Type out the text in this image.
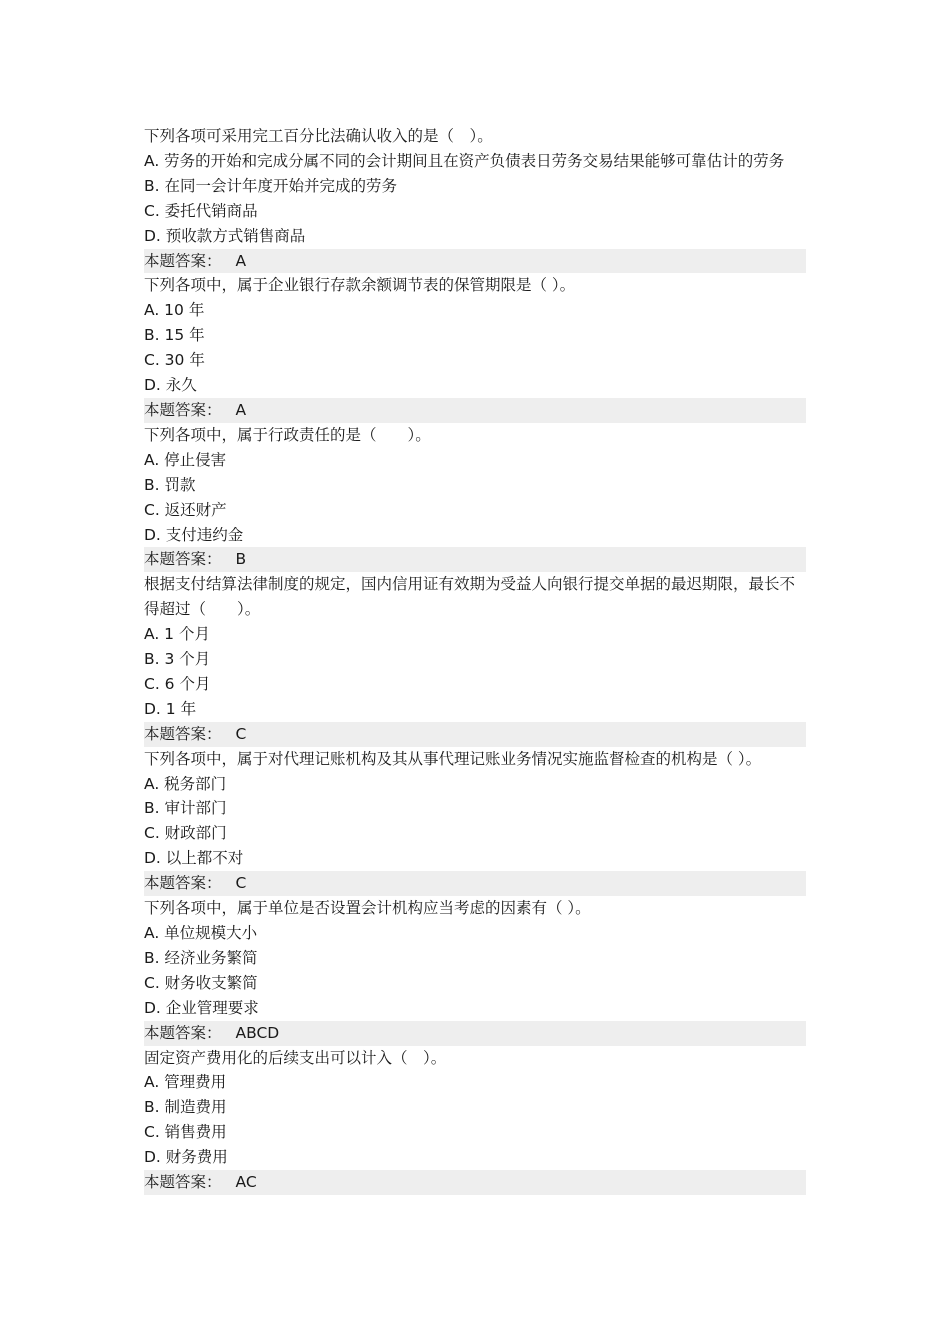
下列各项可采用完工百分比法确认收入的是（　）。

A. 劳务的开始和完成分属不同的会计期间且在资产负债表日劳务交易结果能够可靠估计的劳务

B. 在同一会计年度开始并完成的劳务

C. 委托代销商品

D. 预收款方式销售商品

本题答案： A

下列各项中，属于企业银行存款余额调节表的保管期限是（ ）。

A. 10 年

B. 15 年

C. 30 年

D. 永久

本题答案： A

下列各项中，属于行政责任的是（　　）。

A. 停止侵害

B. 罚款

C. 返还财产

D. 支付违约金

本题答案： B

根据支付结算法律制度的规定，国内信用证有效期为受益人向银行提交单据的最迟期限，最长不得超过（　　）。

A. 1 个月

B. 3 个月

C. 6 个月

D. 1 年

本题答案： C

下列各项中，属于对代理记账机构及其从事代理记账业务情况实施监督检查的机构是（ ）。

A. 税务部门

B. 审计部门

C. 财政部门

D. 以上都不对

本题答案： C

下列各项中，属于单位是否设置会计机构应当考虑的因素有（ ）。

A. 单位规模大小

B. 经济业务繁简

C. 财务收支繁简

D. 企业管理要求

本题答案： ABCD

固定资产费用化的后续支出可以计入（　）。

A. 管理费用

B. 制造费用

C. 销售费用

D. 财务费用

本题答案： AC
